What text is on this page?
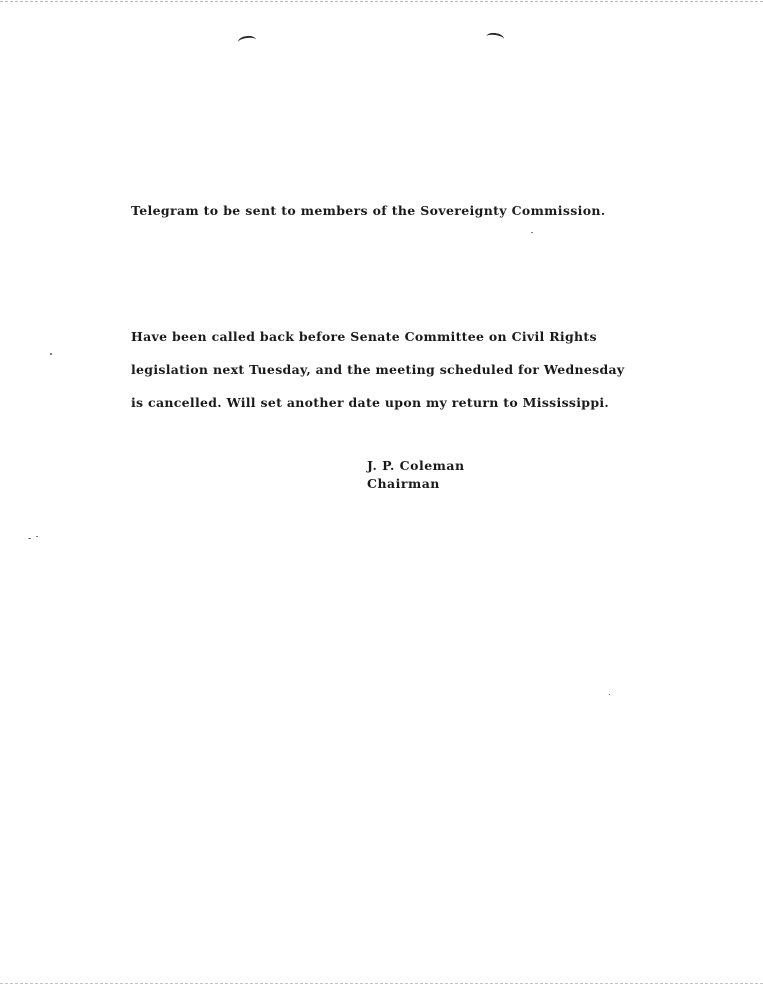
Telegram to be sent to members of the Sovereignty Commission.
Have been called back before Senate Committee on Civil Rights
legislation next Tuesday, and the meeting scheduled for Wednesday
is cancelled. Will set another date upon my return to Mississippi.
J. P. Coleman
Chairman
